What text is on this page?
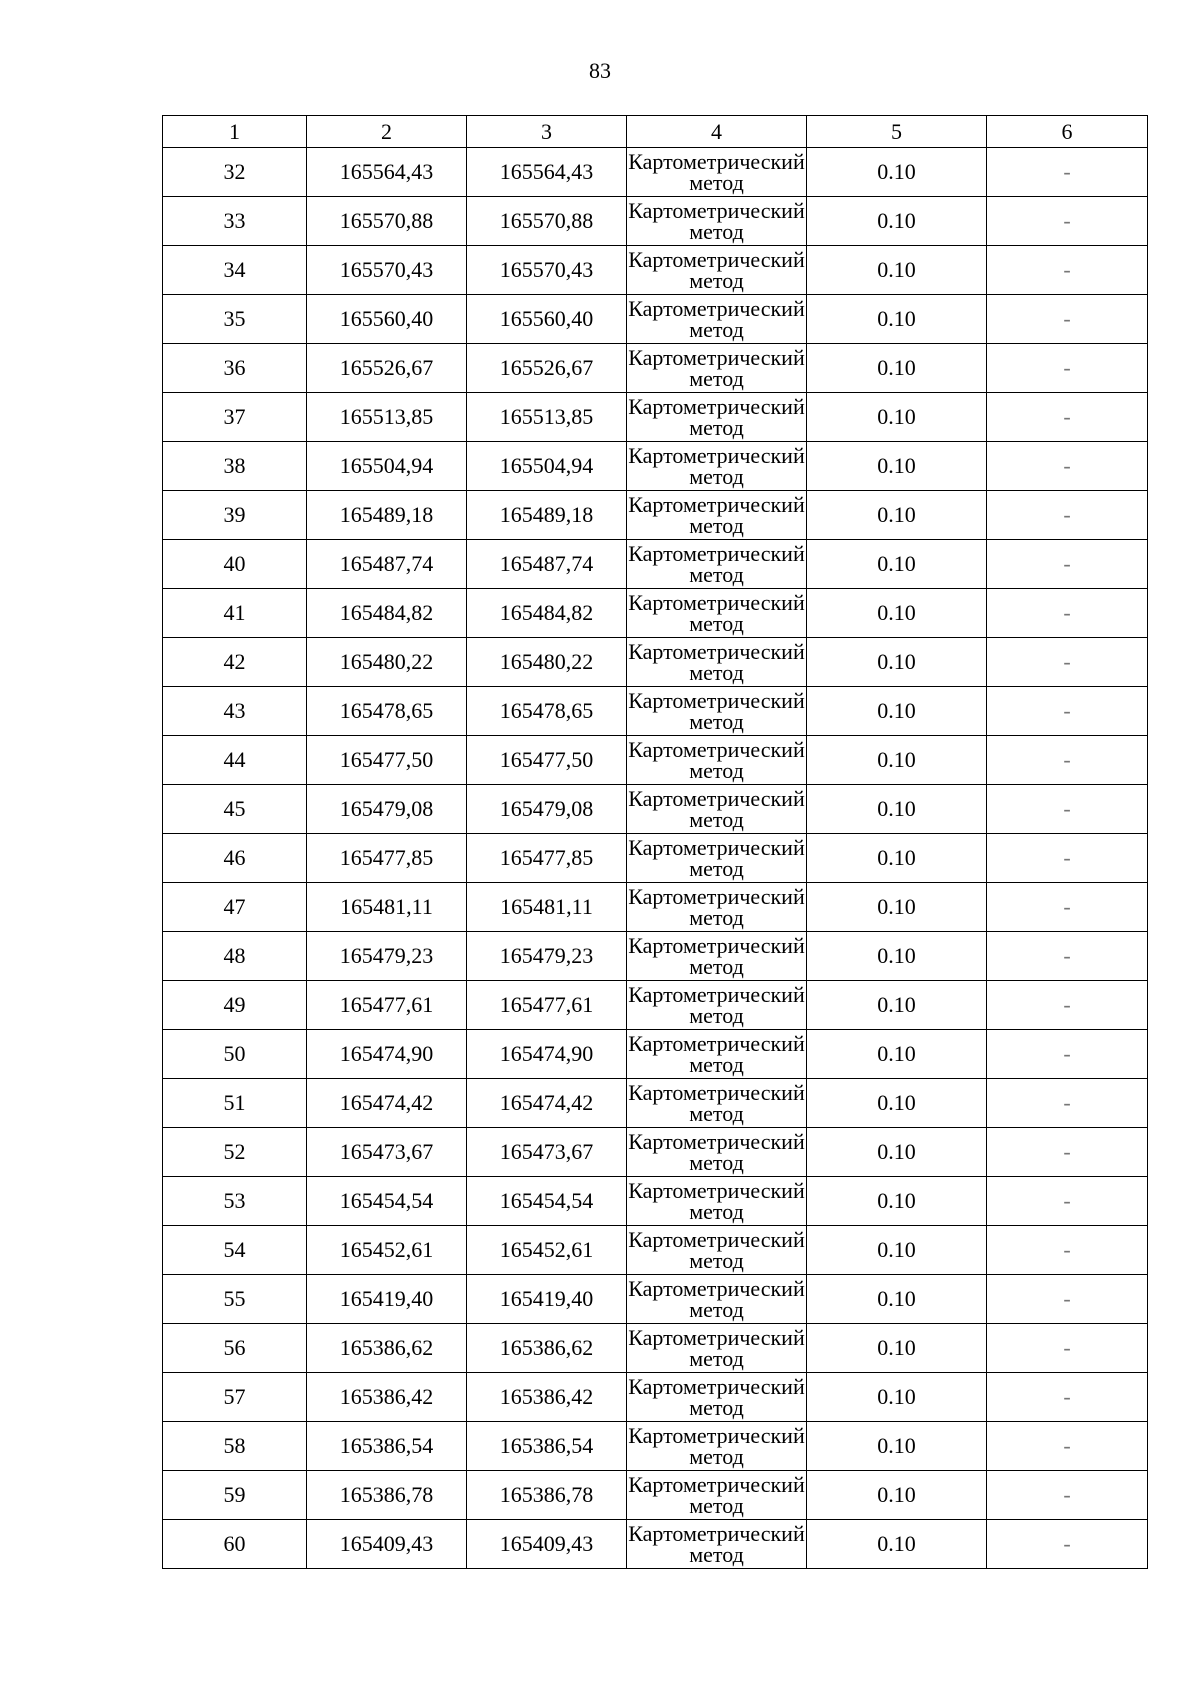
83
1	2	3	4	5	6
32	165564,43	165564,43	Картометрический метод	0.10	-
33	165570,88	165570,88	Картометрический метод	0.10	-
34	165570,43	165570,43	Картометрический метод	0.10	-
35	165560,40	165560,40	Картометрический метод	0.10	-
36	165526,67	165526,67	Картометрический метод	0.10	-
37	165513,85	165513,85	Картометрический метод	0.10	-
38	165504,94	165504,94	Картометрический метод	0.10	-
39	165489,18	165489,18	Картометрический метод	0.10	-
40	165487,74	165487,74	Картометрический метод	0.10	-
41	165484,82	165484,82	Картометрический метод	0.10	-
42	165480,22	165480,22	Картометрический метод	0.10	-
43	165478,65	165478,65	Картометрический метод	0.10	-
44	165477,50	165477,50	Картометрический метод	0.10	-
45	165479,08	165479,08	Картометрический метод	0.10	-
46	165477,85	165477,85	Картометрический метод	0.10	-
47	165481,11	165481,11	Картометрический метод	0.10	-
48	165479,23	165479,23	Картометрический метод	0.10	-
49	165477,61	165477,61	Картометрический метод	0.10	-
50	165474,90	165474,90	Картометрический метод	0.10	-
51	165474,42	165474,42	Картометрический метод	0.10	-
52	165473,67	165473,67	Картометрический метод	0.10	-
53	165454,54	165454,54	Картометрический метод	0.10	-
54	165452,61	165452,61	Картометрический метод	0.10	-
55	165419,40	165419,40	Картометрический метод	0.10	-
56	165386,62	165386,62	Картометрический метод	0.10	-
57	165386,42	165386,42	Картометрический метод	0.10	-
58	165386,54	165386,54	Картометрический метод	0.10	-
59	165386,78	165386,78	Картометрический метод	0.10	-
60	165409,43	165409,43	Картометрический метод	0.10	-
